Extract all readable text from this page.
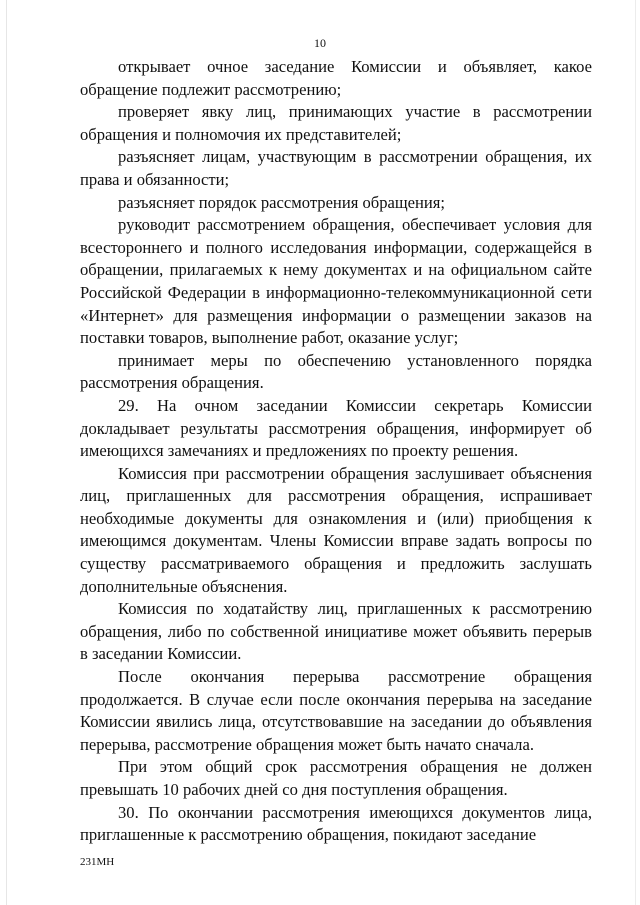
10

открывает очное заседание Комиссии и объявляет, какое обращение подлежит рассмотрению;

проверяет явку лиц, принимающих участие в рассмотрении обращения и полномочия их представителей;

разъясняет лицам, участвующим в рассмотрении обращения, их права и обязанности;

разъясняет порядок рассмотрения обращения;

руководит рассмотрением обращения, обеспечивает условия для всестороннего и полного исследования информации, содержащейся в обращении, прилагаемых к нему документах и на официальном сайте Российской Федерации в информационно-телекоммуникационной сети «Интернет» для размещения информации о размещении заказов на поставки товаров, выполнение работ, оказание услуг;

принимает меры по обеспечению установленного порядка рассмотрения обращения.

29. На очном заседании Комиссии секретарь Комиссии докладывает результаты рассмотрения обращения, информирует об имеющихся замечаниях и предложениях по проекту решения.

Комиссия при рассмотрении обращения заслушивает объяснения лиц, приглашенных для рассмотрения обращения, испрашивает необходимые документы для ознакомления и (или) приобщения к имеющимся документам. Члены Комиссии вправе задать вопросы по существу рассматриваемого обращения и предложить заслушать дополнительные объяснения.

Комиссия по ходатайству лиц, приглашенных к рассмотрению обращения, либо по собственной инициативе может объявить перерыв в заседании Комиссии.

После окончания перерыва рассмотрение обращения продолжается. В случае если после окончания перерыва на заседание Комиссии явились лица, отсутствовавшие на заседании до объявления перерыва, рассмотрение обращения может быть начато сначала.

При этом общий срок рассмотрения обращения не должен превышать 10 рабочих дней со дня поступления обращения.

30. По окончании рассмотрения имеющихся документов лица, приглашенные к рассмотрению обращения, покидают заседание

231МН
